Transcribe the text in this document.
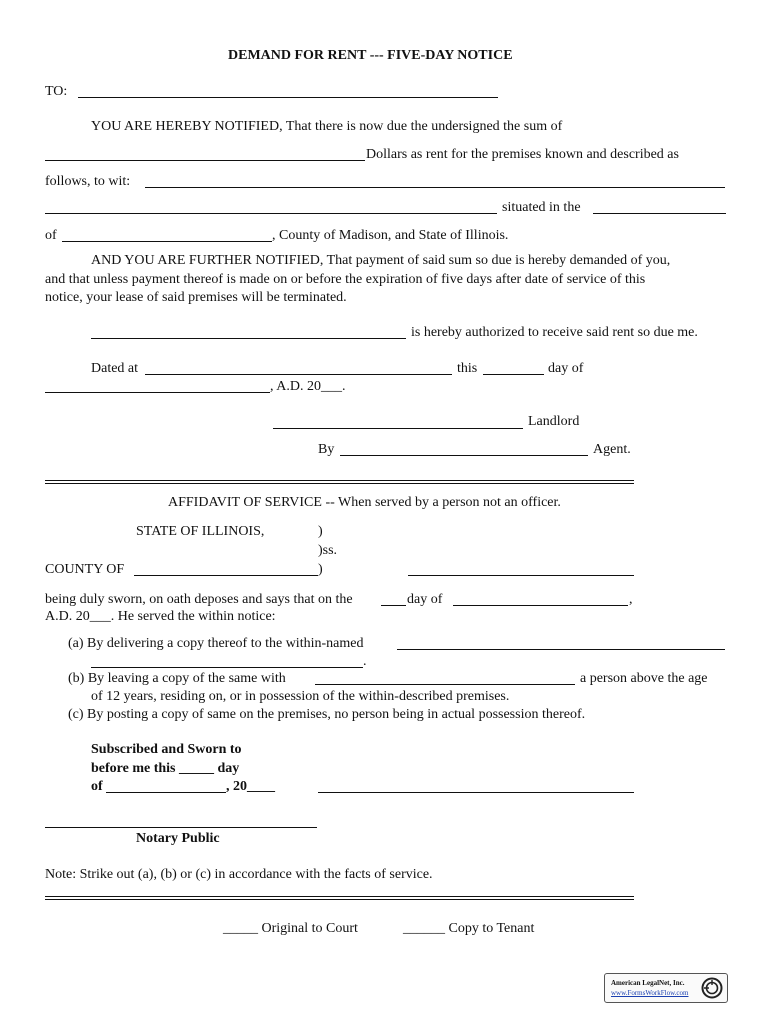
DEMAND FOR RENT --- FIVE-DAY NOTICE
TO:
YOU ARE HEREBY NOTIFIED, That there is now due the undersigned the sum of
Dollars as rent for the premises known and described as
follows, to wit:
situated in the
of	, County of Madison, and State of Illinois.
AND YOU ARE FURTHER NOTIFIED, That payment of said sum so due is hereby demanded of you,
and that unless payment thereof is made on or before the expiration of five days after date of service of this
notice, your lease of said premises will be terminated.
is hereby authorized to receive said rent so due me.
Dated at	this	day of
, A.D. 20___.
Landlord
By	Agent.
AFFIDAVIT OF SERVICE -- When served by a person not an officer.
STATE OF ILLINOIS,	)
)ss.
COUNTY OF	)
being duly sworn, on oath deposes and says that on the	day of	,
A.D. 20___. He served the within notice:
(a) By delivering a copy thereof to the within-named
.
(b) By leaving a copy of the same with	a person above the age
of 12 years, residing on, or in possession of the within-described premises.
(c) By posting a copy of same on the premises, no person being in actual possession thereof.
Subscribed and Sworn to
before me this _____ day
of	, 20____
Notary Public
Note: Strike out (a), (b) or (c) in accordance with the facts of service.
_____ Original to Court	______ Copy to Tenant
American LegalNet, Inc.
www.FormsWorkFlow.com
